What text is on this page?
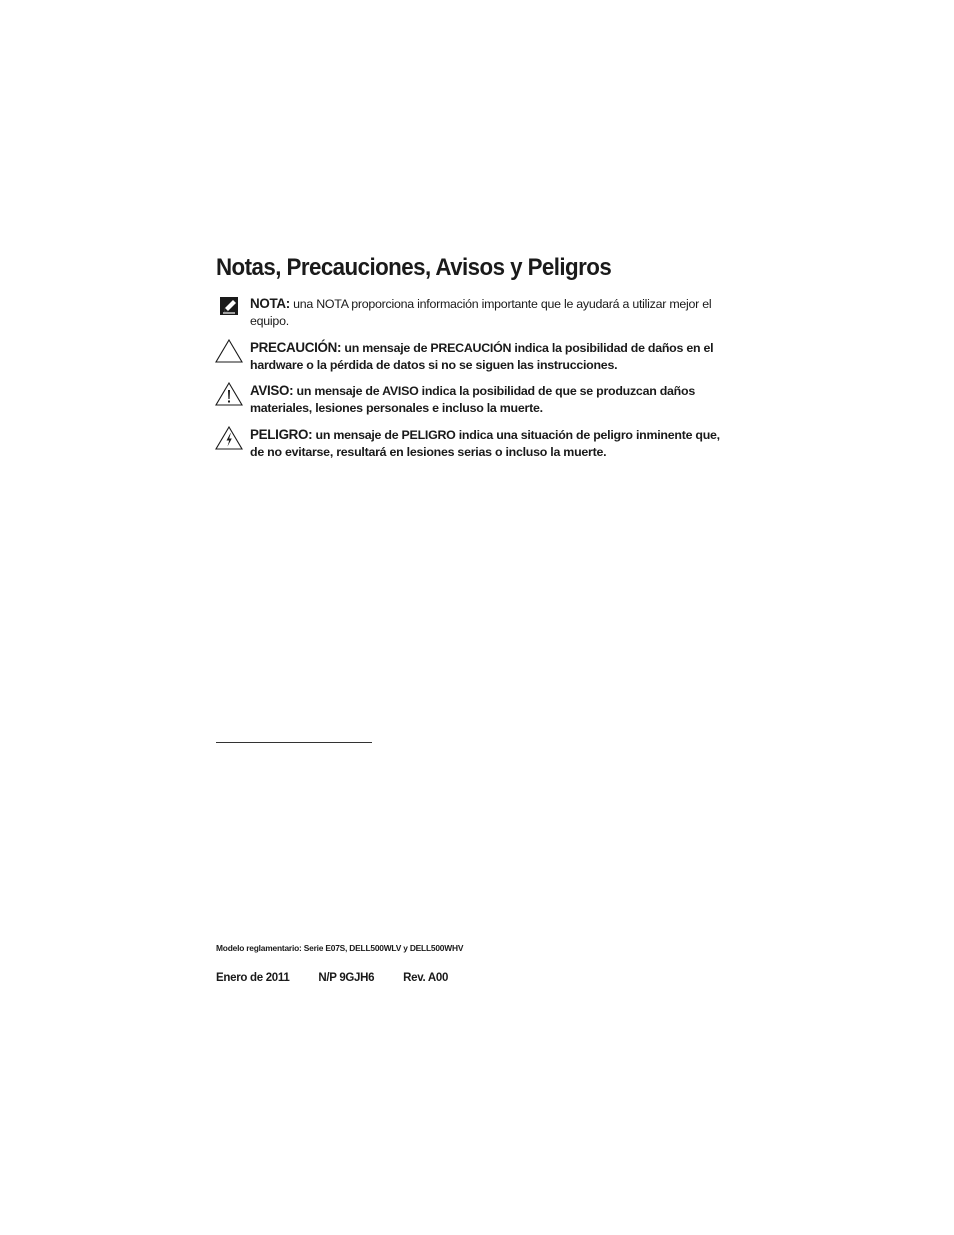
Notas, Precauciones, Avisos y Peligros
NOTA: una NOTA proporciona información importante que le ayudará a utilizar mejor el equipo.
PRECAUCIÓN: un mensaje de PRECAUCIÓN indica la posibilidad de daños en el hardware o la pérdida de datos si no se siguen las instrucciones.
AVISO: un mensaje de AVISO indica la posibilidad de que se produzcan daños materiales, lesiones personales e incluso la muerte.
PELIGRO: un mensaje de PELIGRO indica una situación de peligro inminente que, de no evitarse, resultará en lesiones serias o incluso la muerte.
Modelo reglamentario: Serie E07S, DELL500WLV y DELL500WHV
Enero de 2011	N/P 9GJH6	Rev. A00
